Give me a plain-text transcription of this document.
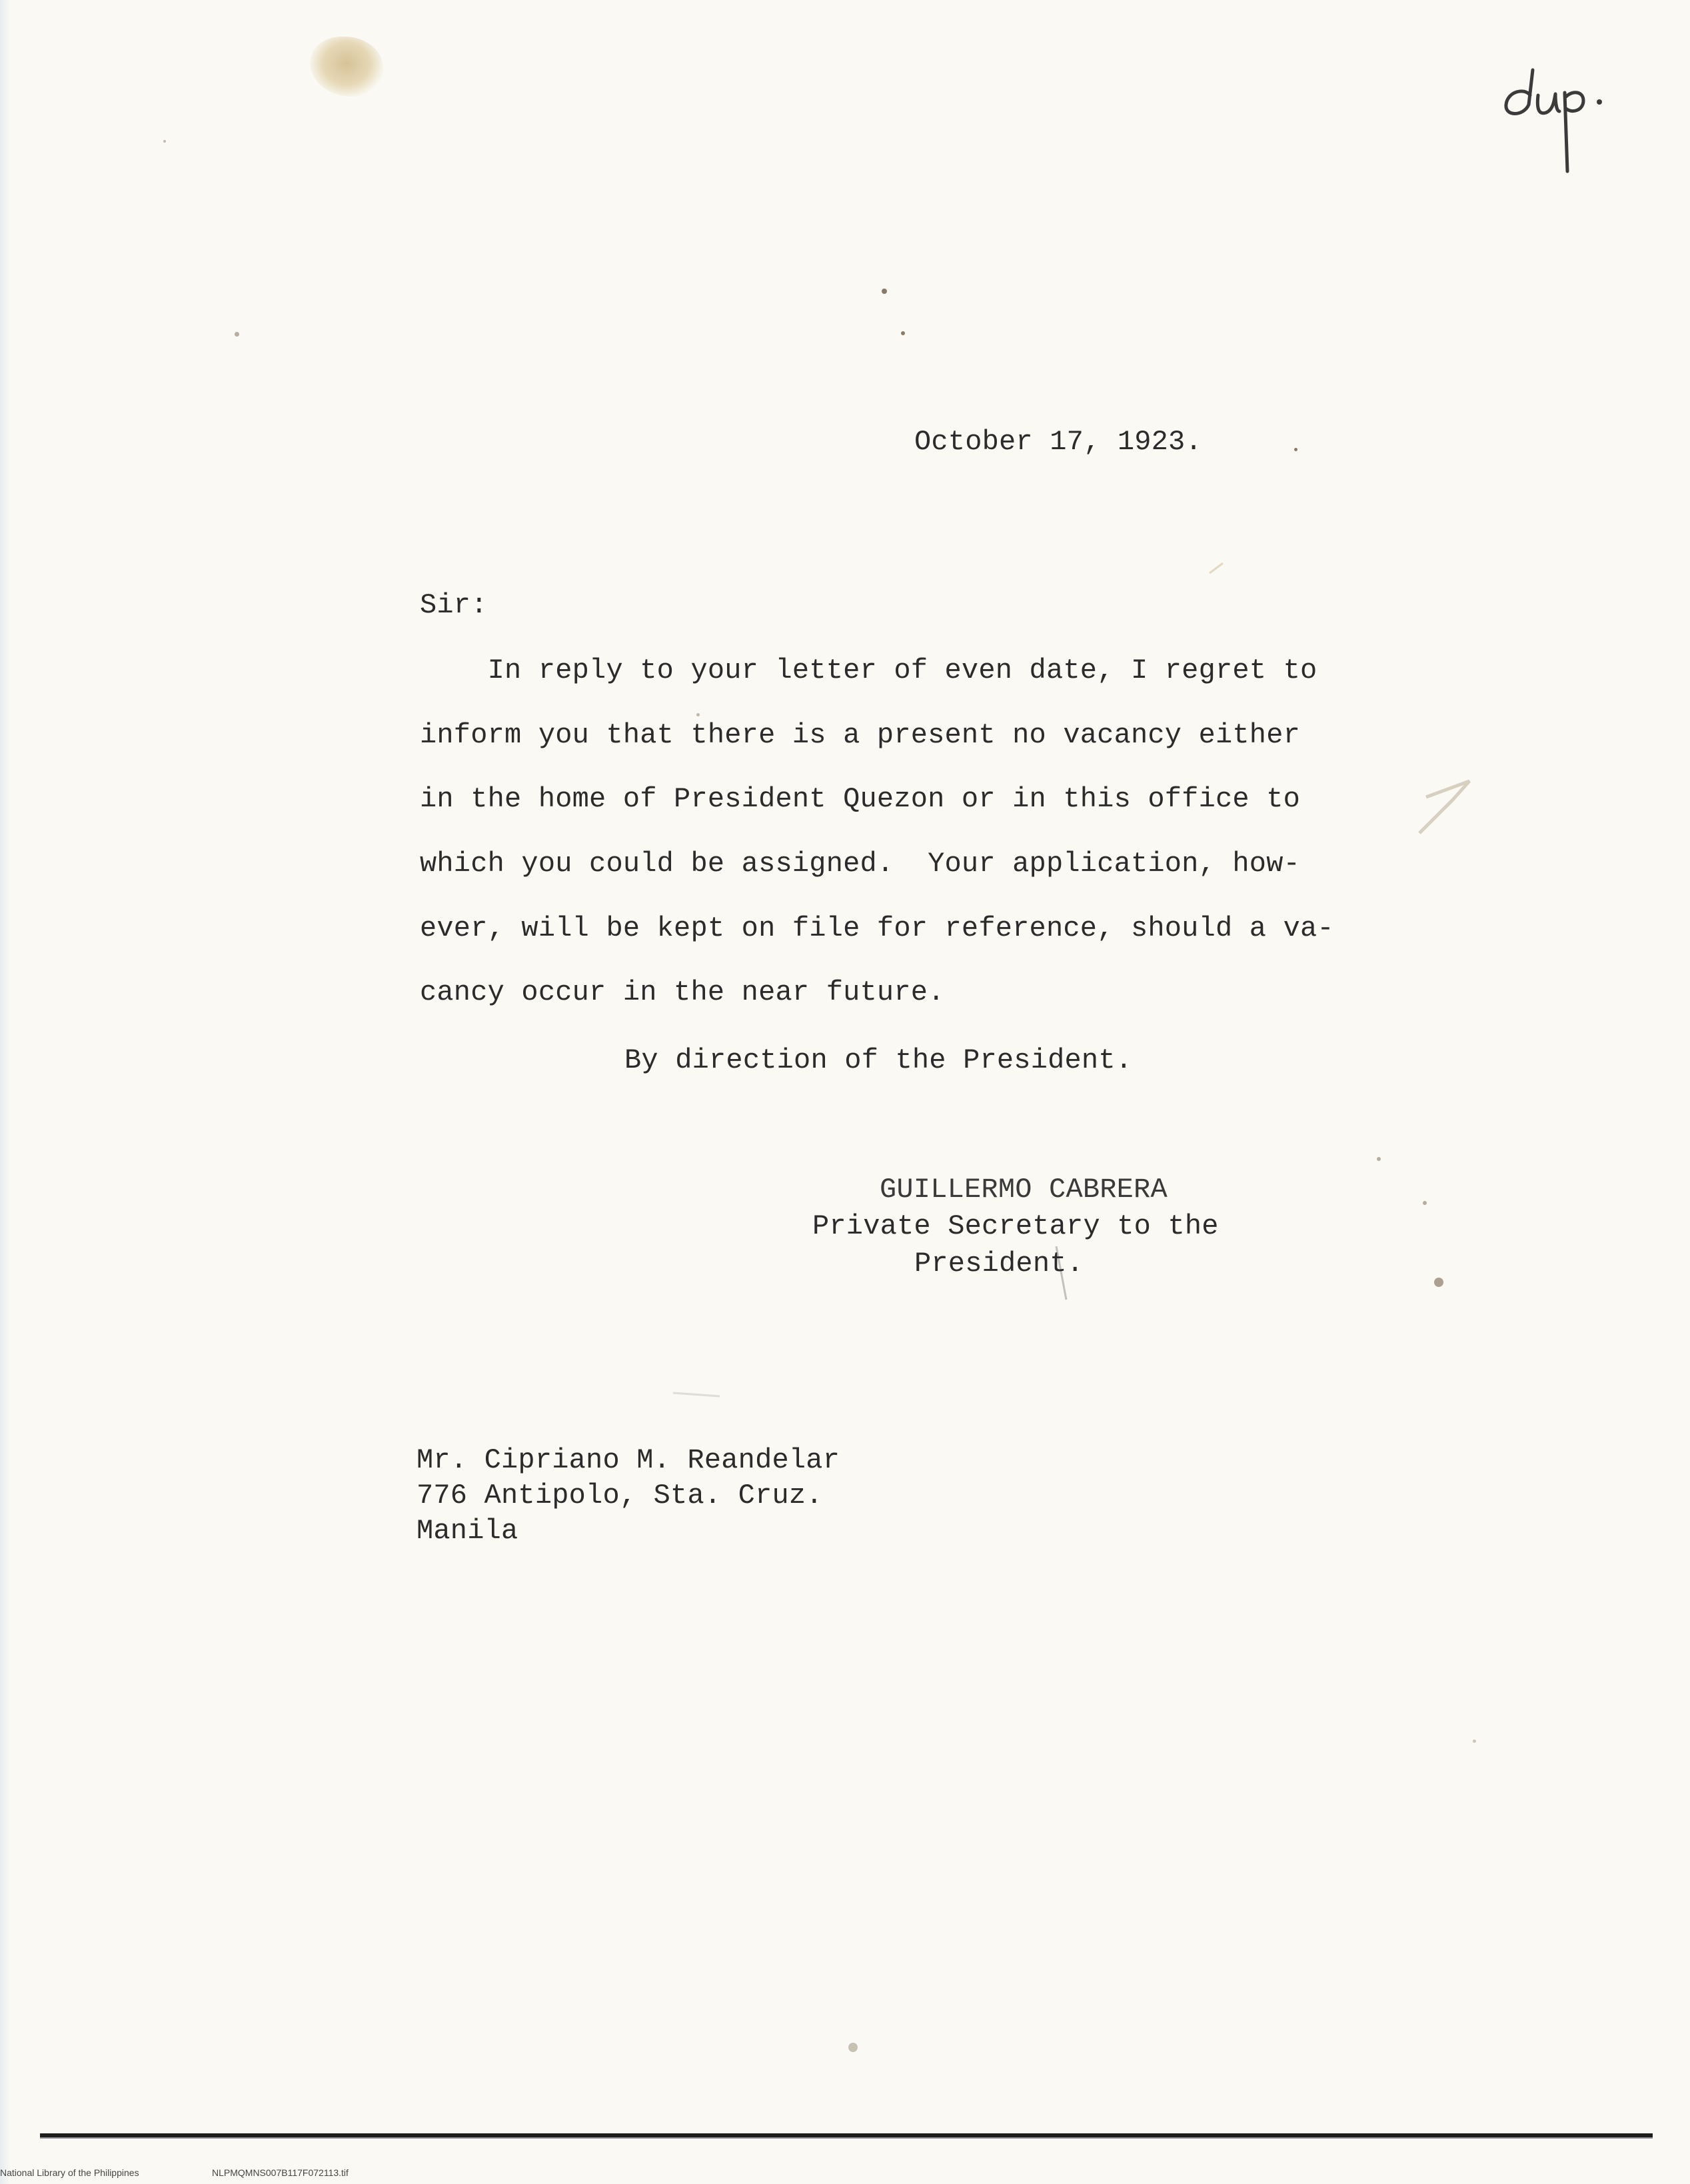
October 17, 1923.
Sir:
In reply to your letter of even date, I regret to
inform you that there is a present no vacancy either
in the home of President Quezon or in this office to
which you could be assigned.  Your application, how-
ever, will be kept on file for reference, should a va-
cancy occur in the near future.
By direction of the President.
GUILLERMO CABRERA
Private Secretary to the
President.
Mr. Cipriano M. Reandelar
776 Antipolo, Sta. Cruz.
Manila
National Library of the Philippines	NLPMQMNS007B117F072113.tif
